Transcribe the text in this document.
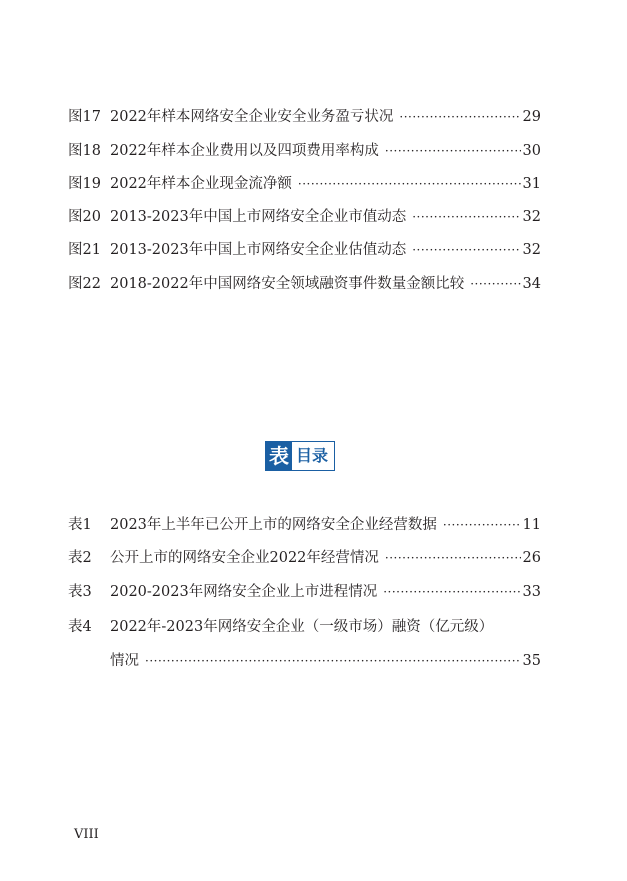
图17 2022年样本网络安全企业安全业务盈亏状况 ·····	29
图18 2022年样本企业费用以及四项费用率构成 ·····	30
图19 2022年样本企业现金流净额 ·····	31
图20 2013-2023年中国上市网络安全企业市值动态 ·····	32
图21 2013-2023年中国上市网络安全企业估值动态 ·····	32
图22 2018-2022年中国网络安全领域融资事件数量金额比较 ·····	34
表 目录
表1	2023年上半年已公开上市的网络安全企业经营数据 ·····	11
表2	公开上市的网络安全企业2022年经营情况 ·····	26
表3	2020-2023年网络安全企业上市进程情况 ·····	33
表4	2022年-2023年网络安全企业（一级市场）融资（亿元级）
情况 ·····	35
VIII
